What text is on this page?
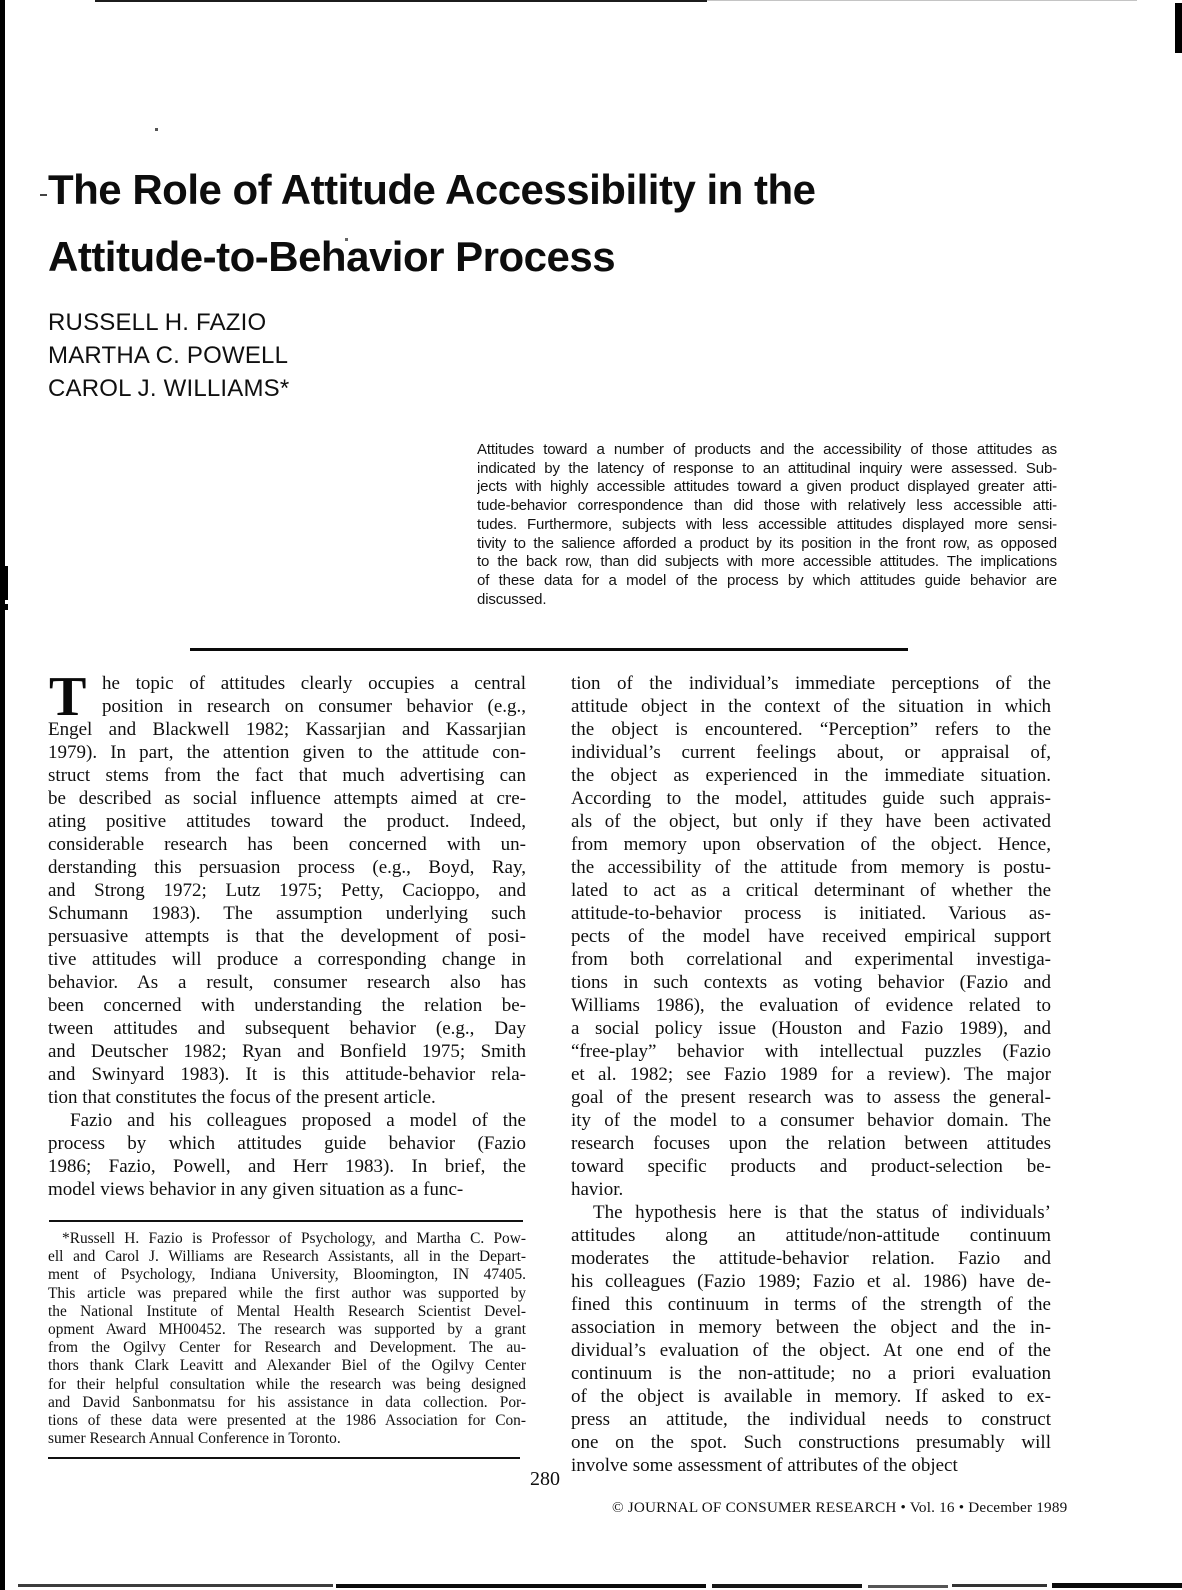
The Role of Attitude Accessibility in the
Attitude-to-Behavior Process
RUSSELL H. FAZIO
MARTHA C. POWELL
CAROL J. WILLIAMS*
Attitudes toward a number of products and the accessibility of those attitudes as
indicated by the latency of response to an attitudinal inquiry were assessed. Sub-
jects with highly accessible attitudes toward a given product displayed greater atti-
tude-behavior correspondence than did those with relatively less accessible atti-
tudes. Furthermore, subjects with less accessible attitudes displayed more sensi-
tivity to the salience afforded a product by its position in the front row, as opposed
to the back row, than did subjects with more accessible attitudes. The implications
of these data for a model of the process by which attitudes guide behavior are
discussed.
T he topic of attitudes clearly occupies a central
position in research on consumer behavior (e.g.,
Engel and Blackwell 1982; Kassarjian and Kassarjian
1979). In part, the attention given to the attitude con-
struct stems from the fact that much advertising can
be described as social influence attempts aimed at cre-
ating positive attitudes toward the product. Indeed,
considerable research has been concerned with un-
derstanding this persuasion process (e.g., Boyd, Ray,
and Strong 1972; Lutz 1975; Petty, Cacioppo, and
Schumann 1983). The assumption underlying such
persuasive attempts is that the development of posi-
tive attitudes will produce a corresponding change in
behavior. As a result, consumer research also has
been concerned with understanding the relation be-
tween attitudes and subsequent behavior (e.g., Day
and Deutscher 1982; Ryan and Bonfield 1975; Smith
and Swinyard 1983). It is this attitude-behavior rela-
tion that constitutes the focus of the present article.
Fazio and his colleagues proposed a model of the
process by which attitudes guide behavior (Fazio
1986; Fazio, Powell, and Herr 1983). In brief, the
model views behavior in any given situation as a func-
tion of the individual’s immediate perceptions of the
attitude object in the context of the situation in which
the object is encountered. “Perception” refers to the
individual’s current feelings about, or appraisal of,
the object as experienced in the immediate situation.
According to the model, attitudes guide such apprais-
als of the object, but only if they have been activated
from memory upon observation of the object. Hence,
the accessibility of the attitude from memory is postu-
lated to act as a critical determinant of whether the
attitude-to-behavior process is initiated. Various as-
pects of the model have received empirical support
from both correlational and experimental investiga-
tions in such contexts as voting behavior (Fazio and
Williams 1986), the evaluation of evidence related to
a social policy issue (Houston and Fazio 1989), and
“free-play” behavior with intellectual puzzles (Fazio
et al. 1982; see Fazio 1989 for a review). The major
goal of the present research was to assess the general-
ity of the model to a consumer behavior domain. The
research focuses upon the relation between attitudes
toward specific products and product-selection be-
havior.
The hypothesis here is that the status of individuals’
attitudes along an attitude/non-attitude continuum
moderates the attitude-behavior relation. Fazio and
his colleagues (Fazio 1989; Fazio et al. 1986) have de-
fined this continuum in terms of the strength of the
association in memory between the object and the in-
dividual’s evaluation of the object. At one end of the
continuum is the non-attitude; no a priori evaluation
of the object is available in memory. If asked to ex-
press an attitude, the individual needs to construct
one on the spot. Such constructions presumably will
involve some assessment of attributes of the object
*Russell H. Fazio is Professor of Psychology, and Martha C. Pow-
ell and Carol J. Williams are Research Assistants, all in the Depart-
ment of Psychology, Indiana University, Bloomington, IN 47405.
This article was prepared while the first author was supported by
the National Institute of Mental Health Research Scientist Devel-
opment Award MH00452. The research was supported by a grant
from the Ogilvy Center for Research and Development. The au-
thors thank Clark Leavitt and Alexander Biel of the Ogilvy Center
for their helpful consultation while the research was being designed
and David Sanbonmatsu for his assistance in data collection. Por-
tions of these data were presented at the 1986 Association for Con-
sumer Research Annual Conference in Toronto.
280
© JOURNAL OF CONSUMER RESEARCH • Vol. 16 • December 1989
